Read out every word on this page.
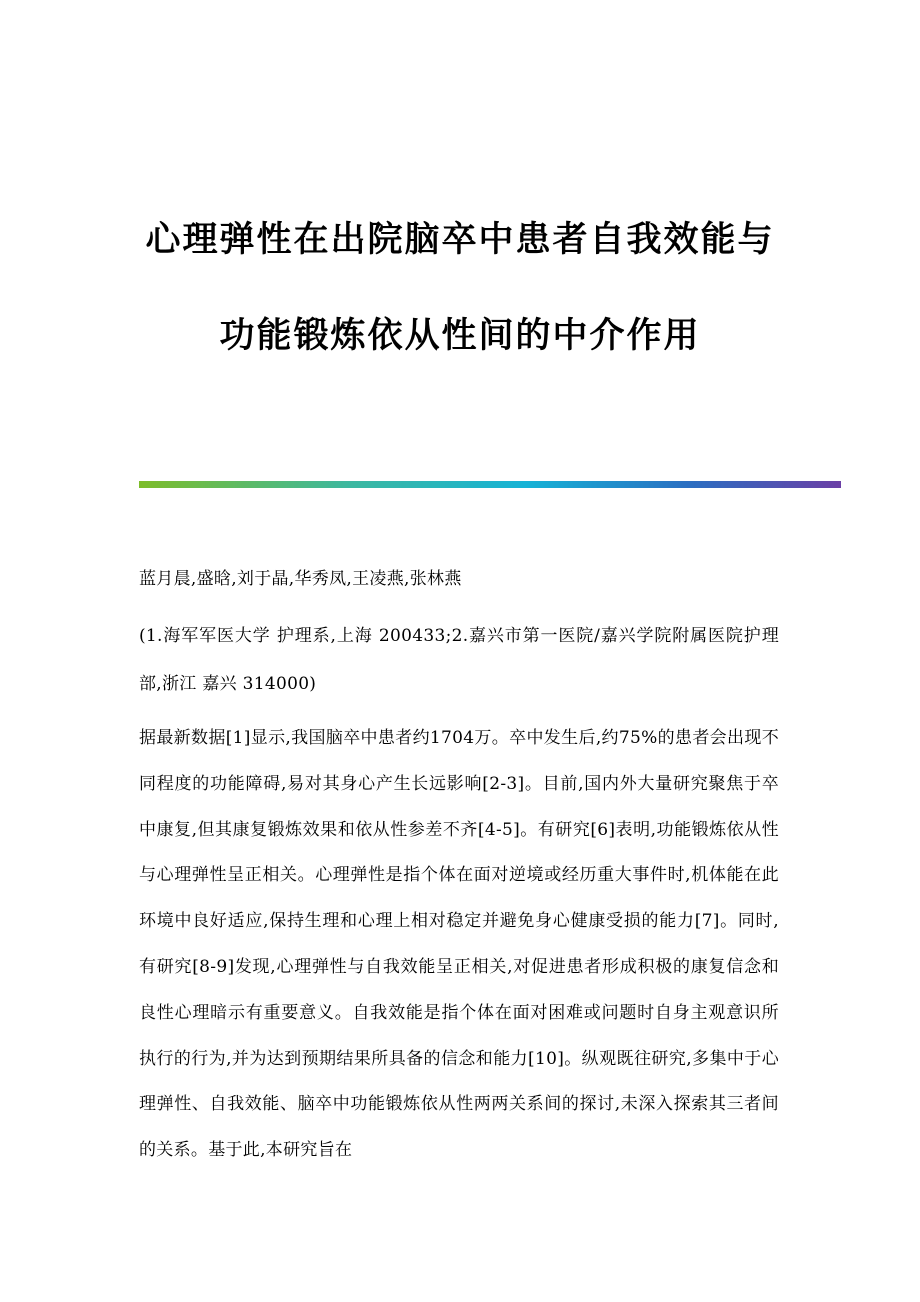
心理弹性在出院脑卒中患者自我效能与
功能锻炼依从性间的中介作用

蓝月晨,盛晗,刘于晶,华秀凤,王凌燕,张林燕

(1.海军军医大学 护理系,上海 200433;2.嘉兴市第一医院/嘉兴学院附属医院护理部,浙江 嘉兴 314000)

据最新数据[1]显示,我国脑卒中患者约1704万。卒中发生后,约75%的患者会出现不同程度的功能障碍,易对其身心产生长远影响[2-3]。目前,国内外大量研究聚焦于卒中康复,但其康复锻炼效果和依从性参差不齐[4-5]。有研究[6]表明,功能锻炼依从性与心理弹性呈正相关。心理弹性是指个体在面对逆境或经历重大事件时,机体能在此环境中良好适应,保持生理和心理上相对稳定并避免身心健康受损的能力[7]。同时,有研究[8-9]发现,心理弹性与自我效能呈正相关,对促进患者形成积极的康复信念和良性心理暗示有重要意义。自我效能是指个体在面对困难或问题时自身主观意识所执行的行为,并为达到预期结果所具备的信念和能力[10]。纵观既往研究,多集中于心理弹性、自我效能、脑卒中功能锻炼依从性两两关系间的探讨,未深入探索其三者间的关系。基于此,本研究旨在
